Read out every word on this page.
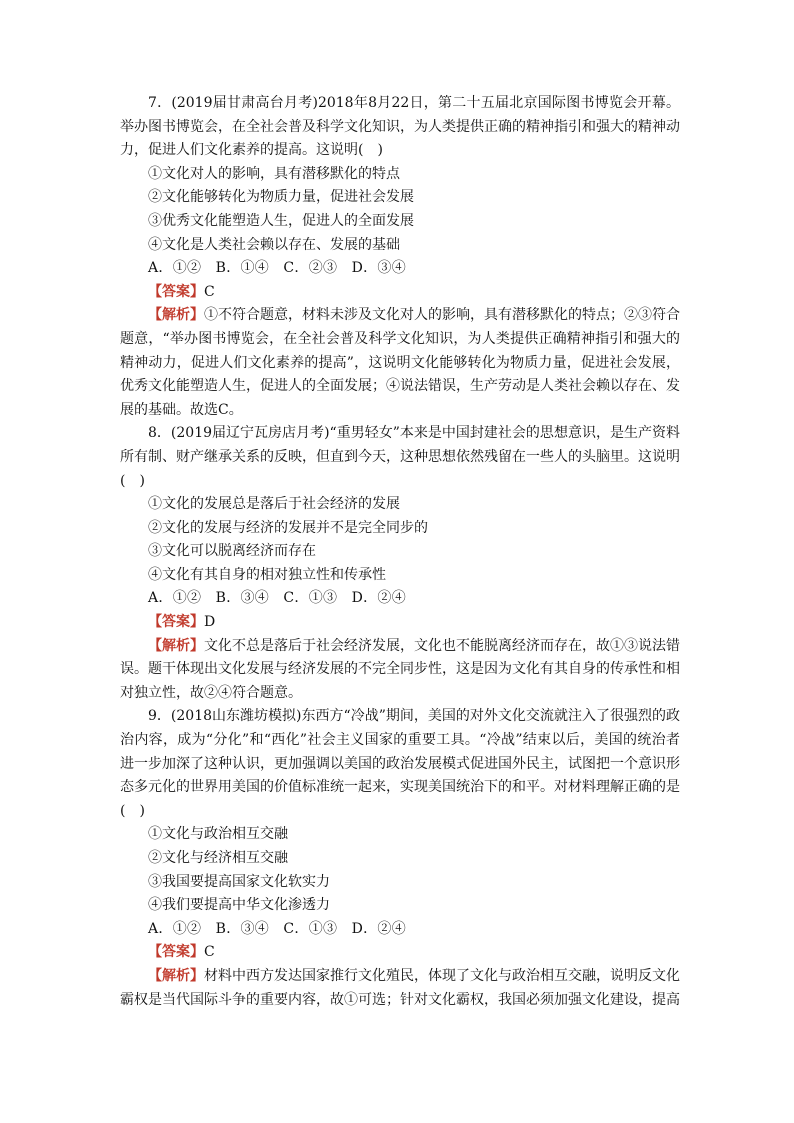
7．(2019届甘肃高台月考)2018年8月22日，第二十五届北京国际图书博览会开幕。举办图书博览会，在全社会普及科学文化知识，为人类提供正确的精神指引和强大的精神动力，促进人们文化素养的提高。这说明(　)

①文化对人的影响，具有潜移默化的特点

②文化能够转化为物质力量，促进社会发展

③优秀文化能塑造人生，促进人的全面发展

④文化是人类社会赖以存在、发展的基础

A．①②　B．①④　C．②③　D．③④

【答案】C

【解析】①不符合题意，材料未涉及文化对人的影响，具有潜移默化的特点；②③符合题意，“举办图书博览会，在全社会普及科学文化知识，为人类提供正确精神指引和强大的精神动力，促进人们文化素养的提高”，这说明文化能够转化为物质力量，促进社会发展，优秀文化能塑造人生，促进人的全面发展；④说法错误，生产劳动是人类社会赖以存在、发展的基础。故选C。

8．(2019届辽宁瓦房店月考)“重男轻女”本来是中国封建社会的思想意识，是生产资料所有制、财产继承关系的反映，但直到今天，这种思想依然残留在一些人的头脑里。这说明(　)

①文化的发展总是落后于社会经济的发展

②文化的发展与经济的发展并不是完全同步的

③文化可以脱离经济而存在

④文化有其自身的相对独立性和传承性

A．①②　B．③④　C．①③　D．②④

【答案】D

【解析】文化不总是落后于社会经济发展，文化也不能脱离经济而存在，故①③说法错误。题干体现出文化发展与经济发展的不完全同步性，这是因为文化有其自身的传承性和相对独立性，故②④符合题意。

9．(2018山东潍坊模拟)东西方“冷战”期间，美国的对外文化交流就注入了很强烈的政治内容，成为“分化”和“西化”社会主义国家的重要工具。“冷战”结束以后，美国的统治者进一步加深了这种认识，更加强调以美国的政治发展模式促进国外民主，试图把一个意识形态多元化的世界用美国的价值标准统一起来，实现美国统治下的和平。对材料理解正确的是(　)

①文化与政治相互交融

②文化与经济相互交融

③我国要提高国家文化软实力

④我们要提高中华文化渗透力

A．①②　B．③④　C．①③　D．②④

【答案】C

【解析】材料中西方发达国家推行文化殖民，体现了文化与政治相互交融，说明反文化霸权是当代国际斗争的重要内容，故①可选；针对文化霸权，我国必须加强文化建设，提高
